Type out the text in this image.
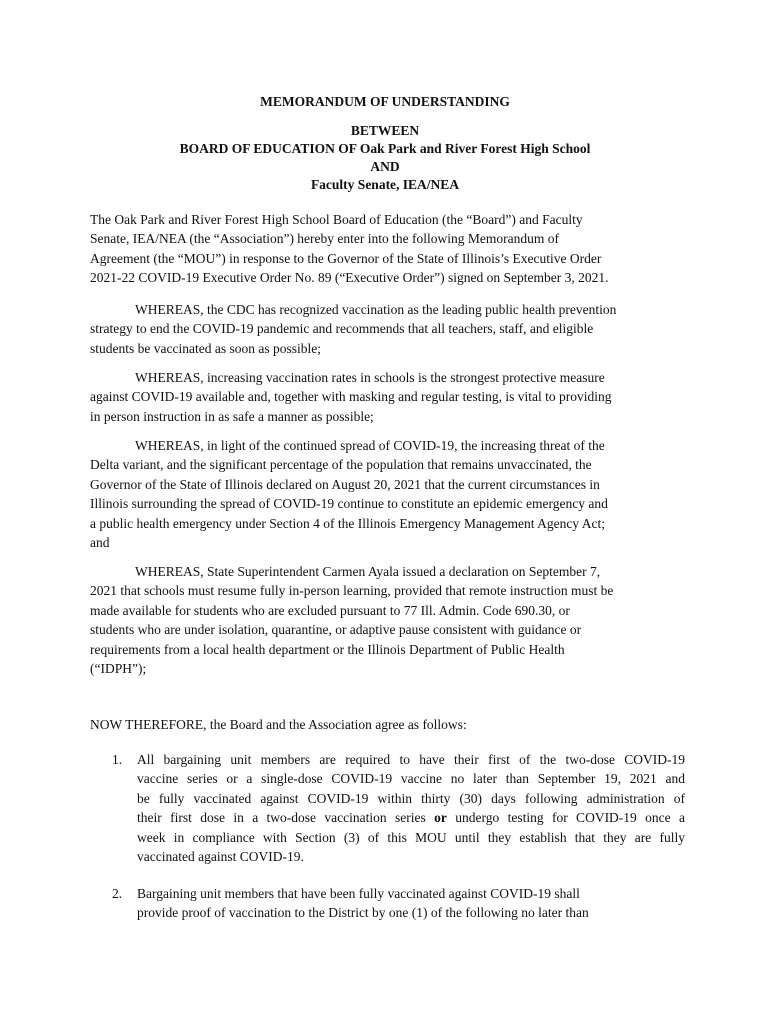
MEMORANDUM OF UNDERSTANDING
BETWEEN
BOARD OF EDUCATION OF Oak Park and River Forest High School
AND
Faculty Senate, IEA/NEA
The Oak Park and River Forest High School Board of Education (the “Board”) and Faculty
Senate, IEA/NEA (the “Association”) hereby enter into the following Memorandum of
Agreement (the “MOU”) in response to the Governor of the State of Illinois’s Executive Order
2021-22 COVID-19 Executive Order No. 89 (“Executive Order”) signed on September 3, 2021.
WHEREAS, the CDC has recognized vaccination as the leading public health prevention
strategy to end the COVID-19 pandemic and recommends that all teachers, staff, and eligible
students be vaccinated as soon as possible;
WHEREAS, increasing vaccination rates in schools is the strongest protective measure
against COVID-19 available and, together with masking and regular testing, is vital to providing
in person instruction in as safe a manner as possible;
WHEREAS, in light of the continued spread of COVID-19, the increasing threat of the
Delta variant, and the significant percentage of the population that remains unvaccinated, the
Governor of the State of Illinois declared on August 20, 2021 that the current circumstances in
Illinois surrounding the spread of COVID-19 continue to constitute an epidemic emergency and
a public health emergency under Section 4 of the Illinois Emergency Management Agency Act;
and
WHEREAS, State Superintendent Carmen Ayala issued a declaration on September 7,
2021 that schools must resume fully in-person learning, provided that remote instruction must be
made available for students who are excluded pursuant to 77 Ill. Admin. Code 690.30, or
students who are under isolation, quarantine, or adaptive pause consistent with guidance or
requirements from a local health department or the Illinois Department of Public Health
(“IDPH”);
NOW THEREFORE, the Board and the Association agree as follows:
1.	All bargaining unit members are required to have their first of the two-dose COVID-19
vaccine series or a single-dose COVID-19 vaccine no later than September 19, 2021 and
be fully vaccinated against COVID-19 within thirty (30) days following administration of
their first dose in a two-dose vaccination series or undergo testing for COVID-19 once a
week in compliance with Section (3) of this MOU until they establish that they are fully
vaccinated against COVID-19.
2.	Bargaining unit members that have been fully vaccinated against COVID-19 shall
provide proof of vaccination to the District by one (1) of the following no later than
